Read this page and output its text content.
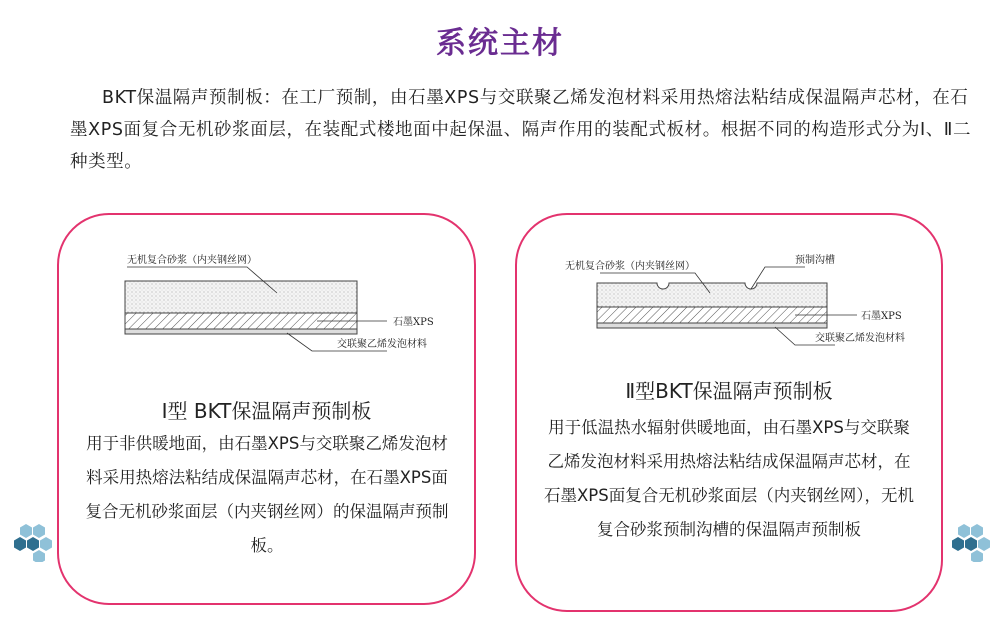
系统主材
BKT保温隔声预制板：在工厂预制，由石墨XPS与交联聚乙烯发泡材料采用热熔法粘结成保温隔声芯材，在石墨XPS面复合无机砂浆面层，在装配式楼地面中起保温、隔声作用的装配式板材。根据不同的构造形式分为Ⅰ、Ⅱ二种类型。
无机复合砂浆（内夹钢丝网）
石墨XPS
交联聚乙烯发泡材料
Ⅰ型 BKT保温隔声预制板
用于非供暖地面，由石墨XPS与交联聚乙烯发泡材料采用热熔法粘结成保温隔声芯材，在石墨XPS面复合无机砂浆面层（内夹钢丝网）的保温隔声预制板。
无机复合砂浆（内夹钢丝网）
预制沟槽
石墨XPS
交联聚乙烯发泡材料
Ⅱ型BKT保温隔声预制板
用于低温热水辐射供暖地面，由石墨XPS与交联聚乙烯发泡材料采用热熔法粘结成保温隔声芯材，在石墨XPS面复合无机砂浆面层（内夹钢丝网），无机复合砂浆预制沟槽的保温隔声预制板
